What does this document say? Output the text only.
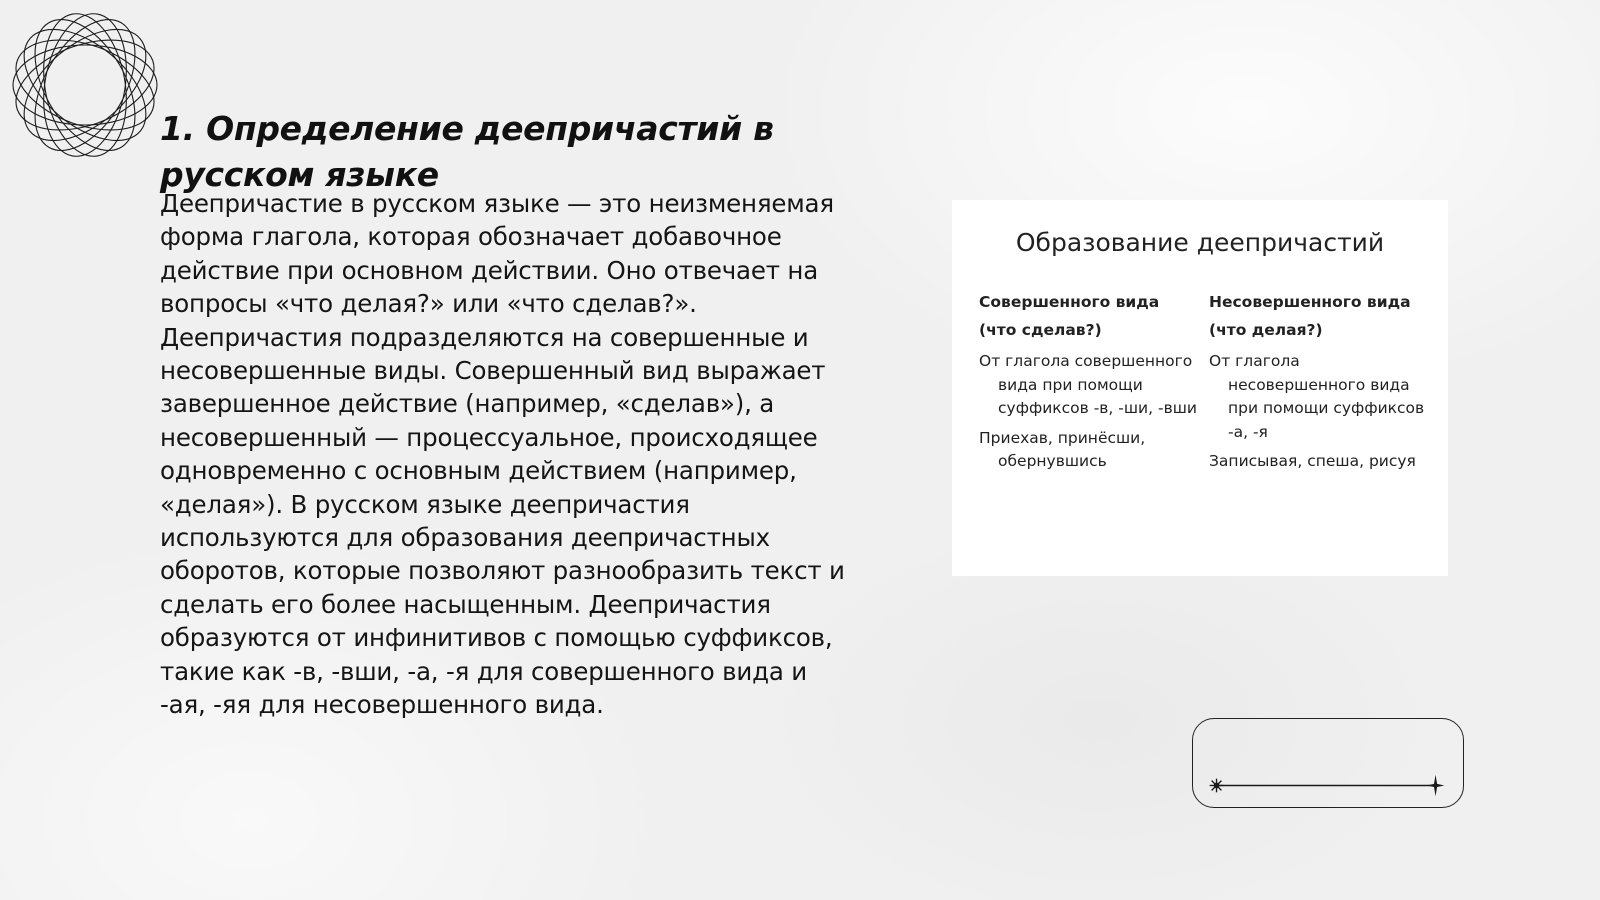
1. Определение деепричастий в русском языке

Деепричастие в русском языке — это неизменяемая форма глагола, которая обозначает добавочное действие при основном действии. Оно отвечает на вопросы «что делая?» или «что сделав?». Деепричастия подразделяются на совершенные и несовершенные виды. Совершенный вид выражает завершенное действие (например, «сделав»), а несовершенный — процессуальное, происходящее одновременно с основным действием (например, «делая»). В русском языке деепричастия используются для образования деепричастных оборотов, которые позволяют разнообразить текст и сделать его более насыщенным. Деепричастия образуются от инфинитивов с помощью суффиксов, такие как -в, -вши, -а, -я для совершенного вида и -ая, -яя для несовершенного вида.

Образование деепричастий
Совершенного вида
(что сделав?)

От глагола совершенного вида при помощи суффиксов -в, -ши, -вши

Приехав, принёсши, обернувшись

Несовершенного вида
(что делая?)

От глагола несовершенного вида при помощи суффиксов -а, -я

Записывая, спеша, рисуя
